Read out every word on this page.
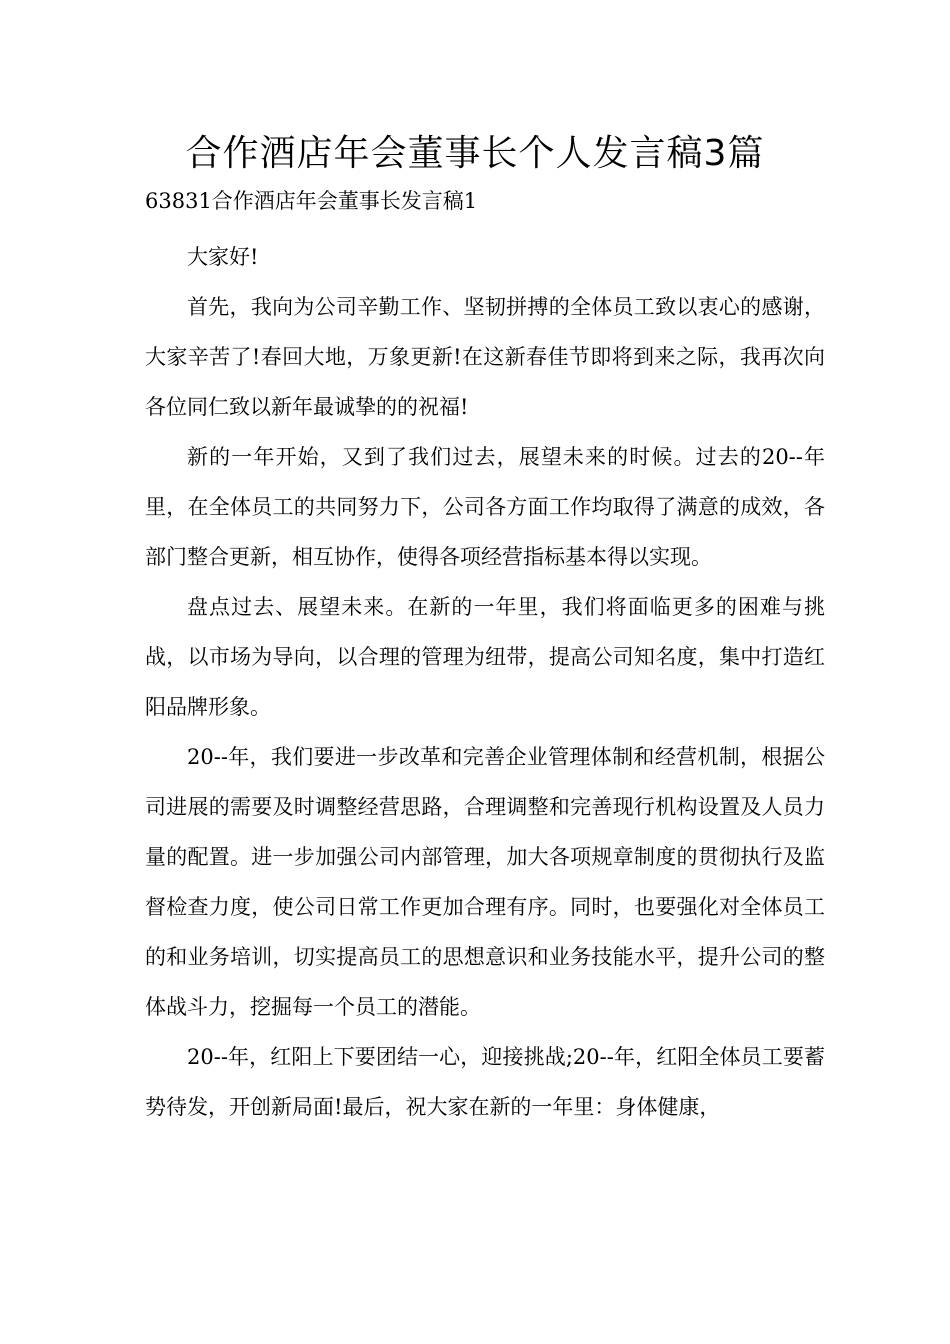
合作酒店年会董事长个人发言稿3篇
63831合作酒店年会董事长发言稿1

大家好!

首先，我向为公司辛勤工作、坚韧拼搏的全体员工致以衷心的感谢，大家辛苦了!春回大地，万象更新!在这新春佳节即将到来之际，我再次向各位同仁致以新年最诚挚的的祝福!

新的一年开始，又到了我们过去，展望未来的时候。过去的20--年里，在全体员工的共同努力下，公司各方面工作均取得了满意的成效，各部门整合更新，相互协作，使得各项经营指标基本得以实现。

盘点过去、展望未来。在新的一年里，我们将面临更多的困难与挑战，以市场为导向，以合理的管理为纽带，提高公司知名度，集中打造红阳品牌形象。

20--年，我们要进一步改革和完善企业管理体制和经营机制，根据公司进展的需要及时调整经营思路，合理调整和完善现行机构设置及人员力量的配置。进一步加强公司内部管理，加大各项规章制度的贯彻执行及监督检查力度，使公司日常工作更加合理有序。同时，也要强化对全体员工的和业务培训，切实提高员工的思想意识和业务技能水平，提升公司的整体战斗力，挖掘每一个员工的潜能。

20--年，红阳上下要团结一心，迎接挑战;20--年，红阳全体员工要蓄势待发，开创新局面!最后，祝大家在新的一年里：身体健康，
